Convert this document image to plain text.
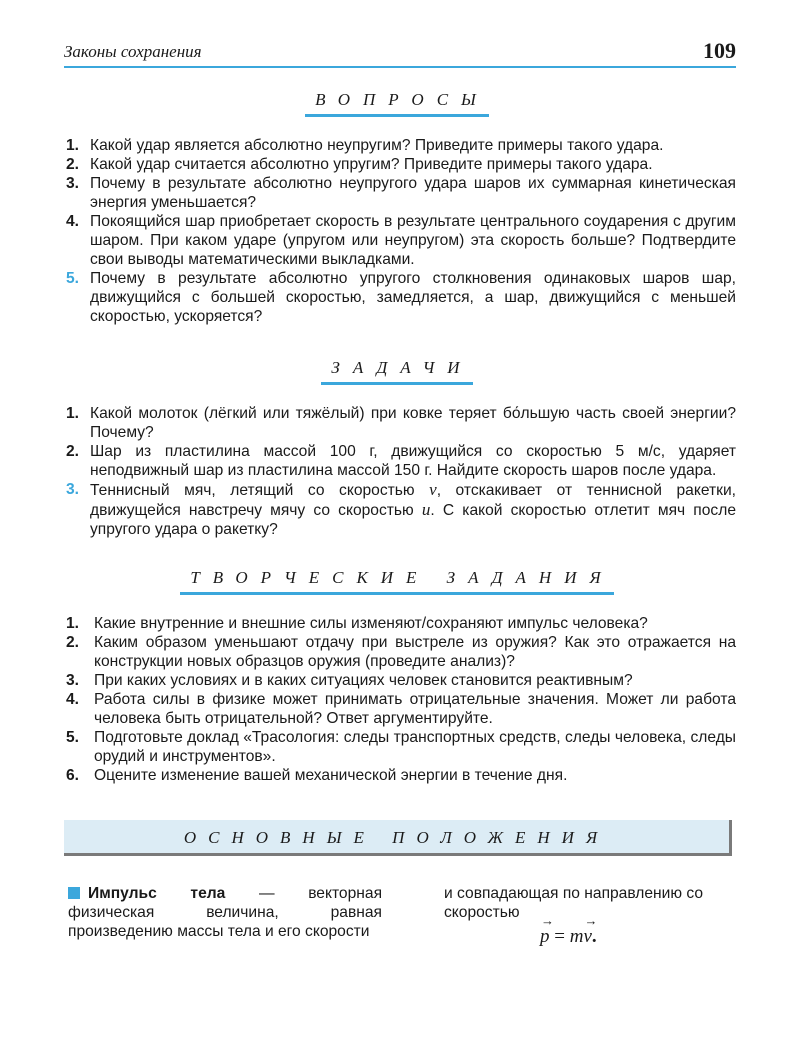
Законы сохранения	109
ВОПРОСЫ
1. Какой удар является абсолютно неупругим? Приведите примеры такого удара.
2. Какой удар считается абсолютно упругим? Приведите примеры такого удара.
3. Почему в результате абсолютно неупругого удара шаров их суммарная кинетическая энергия уменьшается?
4. Покоящийся шар приобретает скорость в результате центрального соударения с другим шаром. При каком ударе (упругом или неупругом) эта скорость больше? Подтвердите свои выводы математическими выкладками.
5. Почему в результате абсолютно упругого столкновения одинаковых шаров шар, движущийся с большей скоростью, замедляется, а шар, движущийся с меньшей скоростью, ускоряется?
ЗАДАЧИ
1. Какой молоток (лёгкий или тяжёлый) при ковке теряет бо́льшую часть своей энергии? Почему?
2. Шар из пластилина массой 100 г, движущийся со скоростью 5 м/с, ударяет неподвижный шар из пластилина массой 150 г. Найдите скорость шаров после удара.
3. Теннисный мяч, летящий со скоростью v, отскакивает от теннисной ракетки, движущейся навстречу мячу со скоростью u. С какой скоростью отлетит мяч после упругого удара о ракетку?
ТВОРЧЕСКИЕ ЗАДАНИЯ
1. Какие внутренние и внешние силы изменяют/сохраняют импульс человека?
2. Каким образом уменьшают отдачу при выстреле из оружия? Как это отражается на конструкции новых образцов оружия (проведите анализ)?
3. При каких условиях и в каких ситуациях человек становится реактивным?
4. Работа силы в физике может принимать отрицательные значения. Может ли работа человека быть отрицательной? Ответ аргументируйте.
5. Подготовьте доклад «Трасология: следы транспортных средств, следы человека, следы орудий и инструментов».
6. Оцените изменение вашей механической энергии в течение дня.
ОСНОВНЫЕ ПОЛОЖЕНИЯ
Импульс тела — векторная физическая величина, равная произведению массы тела и его скорости
и совпадающая по направлению со скоростью
→ p = m→ v.
